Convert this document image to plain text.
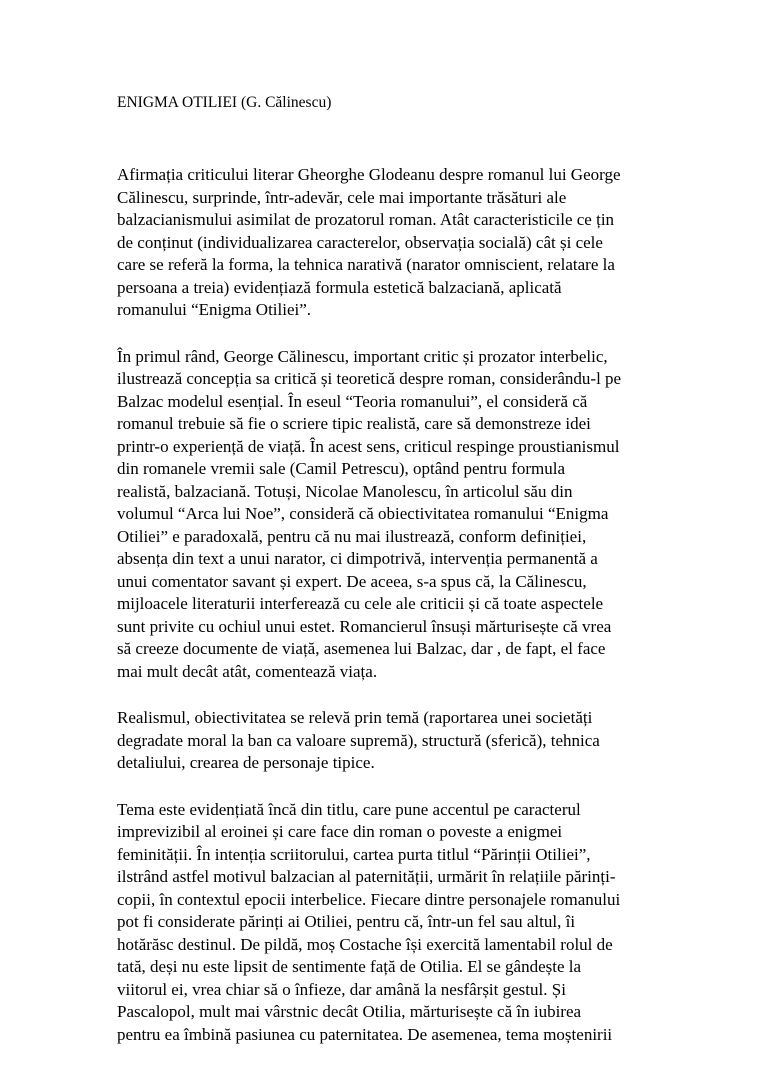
ENIGMA OTILIEI (G. Călinescu)

Afirmația criticului literar Gheorghe Glodeanu despre romanul lui George
Călinescu, surprinde, într-adevăr, cele mai importante trăsături ale
balzacianismului asimilat de prozatorul roman. Atât caracteristicile ce țin
de conținut (individualizarea caracterelor, observația socială) cât și cele
care se referă la forma, la tehnica narativă (narator omniscient, relatare la
persoana a treia) evidențiază formula estetică balzaciană, aplicată
romanului “Enigma Otiliei”.

În primul rând, George Călinescu, important critic și prozator interbelic,
ilustrează concepția sa critică și teoretică despre roman, considerându-l pe
Balzac modelul esențial. În eseul “Teoria romanului”, el consideră că
romanul trebuie să fie o scriere tipic realistă, care să demonstreze idei
printr-o experiență de viață. În acest sens, criticul respinge proustianismul
din romanele vremii sale (Camil Petrescu), optând pentru formula
realistă, balzaciană. Totuși, Nicolae Manolescu, în articolul său din
volumul “Arca lui Noe”, consideră că obiectivitatea romanului “Enigma
Otiliei” e paradoxală, pentru că nu mai ilustrează, conform definiției,
absența din text a unui narator, ci dimpotrivă, intervenția permanentă a
unui comentator savant și expert. De aceea, s-a spus că, la Călinescu,
mijloacele literaturii interferează cu cele ale criticii și că toate aspectele
sunt privite cu ochiul unui estet. Romancierul însuși mărturisește că vrea
să creeze documente de viață, asemenea lui Balzac, dar , de fapt, el face
mai mult decât atât, comentează viața.

Realismul, obiectivitatea se relevă prin temă (raportarea unei societăți
degradate moral la ban ca valoare supremă), structură (sferică), tehnica
detaliului, crearea de personaje tipice.

Tema este evidențiată încă din titlu, care pune accentul pe caracterul
imprevizibil al eroinei și care face din roman o poveste a enigmei
feminității. În intenția scriitorului, cartea purta titlul “Părinții Otiliei”,
ilstrând astfel motivul balzacian al paternității, urmărit în relațiile părinți-
copii, în contextul epocii interbelice. Fiecare dintre personajele romanului
pot fi considerate părinți ai Otiliei, pentru că, într-un fel sau altul, îi
hotărăsc destinul. De pildă, moș Costache își exercită lamentabil rolul de
tată, deși nu este lipsit de sentimente față de Otilia. El se gândește la
viitorul ei, vrea chiar să o înfieze, dar amână la nesfârșit gestul. Și
Pascalopol, mult mai vârstnic decât Otilia, mărturisește că în iubirea
pentru ea îmbină pasiunea cu paternitatea. De asemenea, tema moștenirii
